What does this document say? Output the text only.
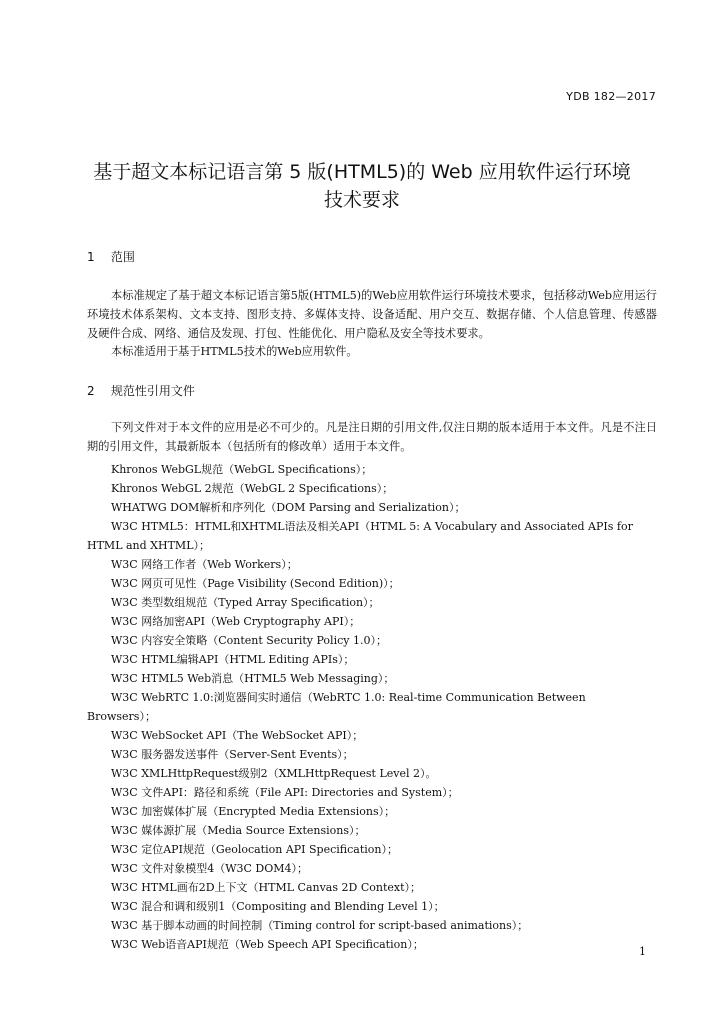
YDB 182—2017
基于超文本标记语言第 5 版(HTML5)的 Web 应用软件运行环境
技术要求
1 范围

本标准规定了基于超文本标记语言第5版(HTML5)的Web应用软件运行环境技术要求，包括移动Web应用运行环境技术体系架构、文本支持、图形支持、多媒体支持、设备适配、用户交互、数据存储、个人信息管理、传感器及硬件合成、网络、通信及发现、打包、性能优化、用户隐私及安全等技术要求。

本标准适用于基于HTML5技术的Web应用软件。

2 规范性引用文件

下列文件对于本文件的应用是必不可少的。凡是注日期的引用文件,仅注日期的版本适用于本文件。凡是不注日期的引用文件，其最新版本（包括所有的修改单）适用于本文件。

Khronos WebGL规范（WebGL Specifications）；
Khronos WebGL 2规范（WebGL 2 Specifications）；
WHATWG DOM解析和序列化（DOM Parsing and Serialization）；
W3C HTML5：HTML和XHTML语法及相关API（HTML 5: A Vocabulary and Associated APIs for HTML and XHTML）；
W3C 网络工作者（Web Workers）；
W3C 网页可见性（Page Visibility (Second Edition)）；
W3C 类型数组规范（Typed Array Specification）；
W3C 网络加密API（Web Cryptography API）；
W3C 内容安全策略（Content Security Policy 1.0）；
W3C HTML编辑API（HTML Editing APIs）；
W3C HTML5 Web消息（HTML5 Web Messaging）；
W3C WebRTC 1.0:浏览器间实时通信（WebRTC 1.0: Real-time Communication Between Browsers）；
W3C WebSocket API（The WebSocket API）；
W3C 服务器发送事件（Server-Sent Events）；
W3C XMLHttpRequest级别2（XMLHttpRequest Level 2）。
W3C 文件API：路径和系统（File API: Directories and System）；
W3C 加密媒体扩展（Encrypted Media Extensions）；
W3C 媒体源扩展（Media Source Extensions）；
W3C 定位API规范（Geolocation API Specification）；
W3C 文件对象模型4（W3C DOM4）；
W3C HTML画布2D上下文（HTML Canvas 2D Context）；
W3C 混合和调和级别1（Compositing and Blending Level 1）；
W3C 基于脚本动画的时间控制（Timing control for script-based animations）；
W3C Web语音API规范（Web Speech API Specification）；
1
